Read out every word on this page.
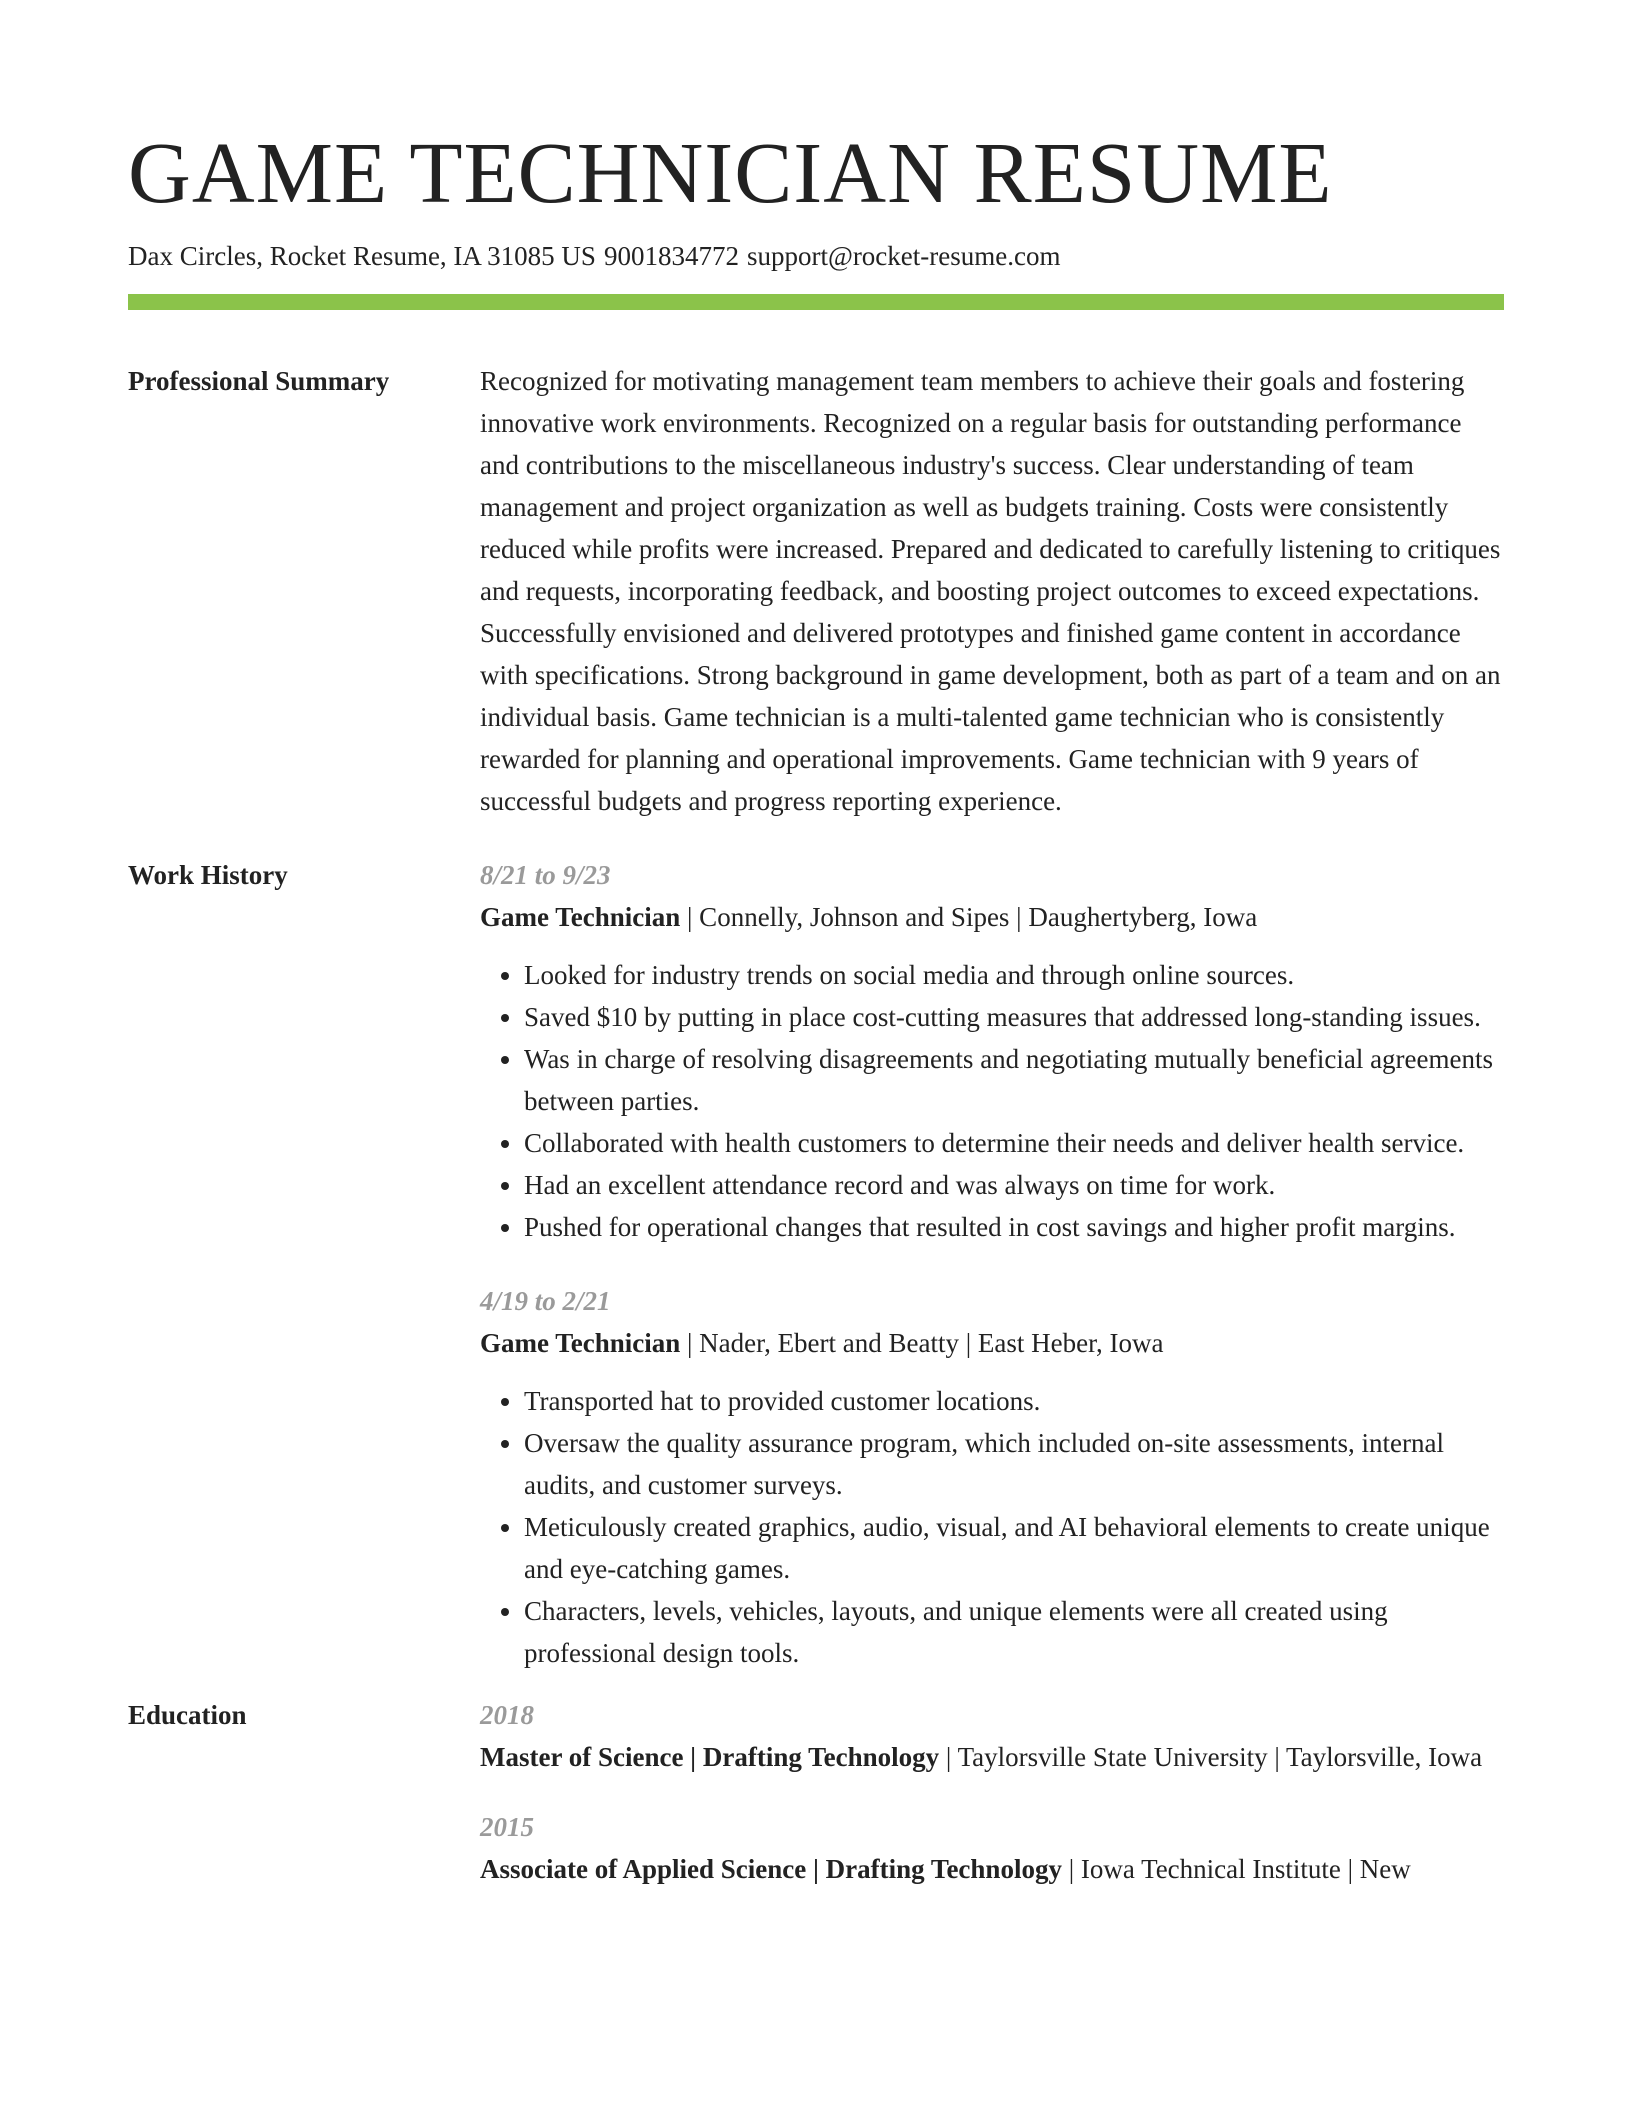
GAME TECHNICIAN RESUME
Dax Circles, Rocket Resume, IA 31085 US 9001834772 support@rocket-resume.com
Professional Summary	Recognized for motivating management team members to achieve their goals and fostering innovative work environments. Recognized on a regular basis for outstanding performance and contributions to the miscellaneous industry's success. Clear understanding of team management and project organization as well as budgets training. Costs were consistently reduced while profits were increased. Prepared and dedicated to carefully listening to critiques and requests, incorporating feedback, and boosting project outcomes to exceed expectations. Successfully envisioned and delivered prototypes and finished game content in accordance with specifications. Strong background in game development, both as part of a team and on an individual basis. Game technician is a multi-talented game technician who is consistently rewarded for planning and operational improvements. Game technician with 9 years of successful budgets and progress reporting experience.
Work History	8/21 to 9/23
Game Technician | Connelly, Johnson and Sipes | Daughertyberg, Iowa
• Looked for industry trends on social media and through online sources.
• Saved $10 by putting in place cost-cutting measures that addressed long-standing issues.
• Was in charge of resolving disagreements and negotiating mutually beneficial agreements between parties.
• Collaborated with health customers to determine their needs and deliver health service.
• Had an excellent attendance record and was always on time for work.
• Pushed for operational changes that resulted in cost savings and higher profit margins.
4/19 to 2/21
Game Technician | Nader, Ebert and Beatty | East Heber, Iowa
• Transported hat to provided customer locations.
• Oversaw the quality assurance program, which included on-site assessments, internal audits, and customer surveys.
• Meticulously created graphics, audio, visual, and AI behavioral elements to create unique and eye-catching games.
• Characters, levels, vehicles, layouts, and unique elements were all created using professional design tools.
Education	2018
Master of Science | Drafting Technology | Taylorsville State University | Taylorsville, Iowa
2015
Associate of Applied Science | Drafting Technology | Iowa Technical Institute | New
